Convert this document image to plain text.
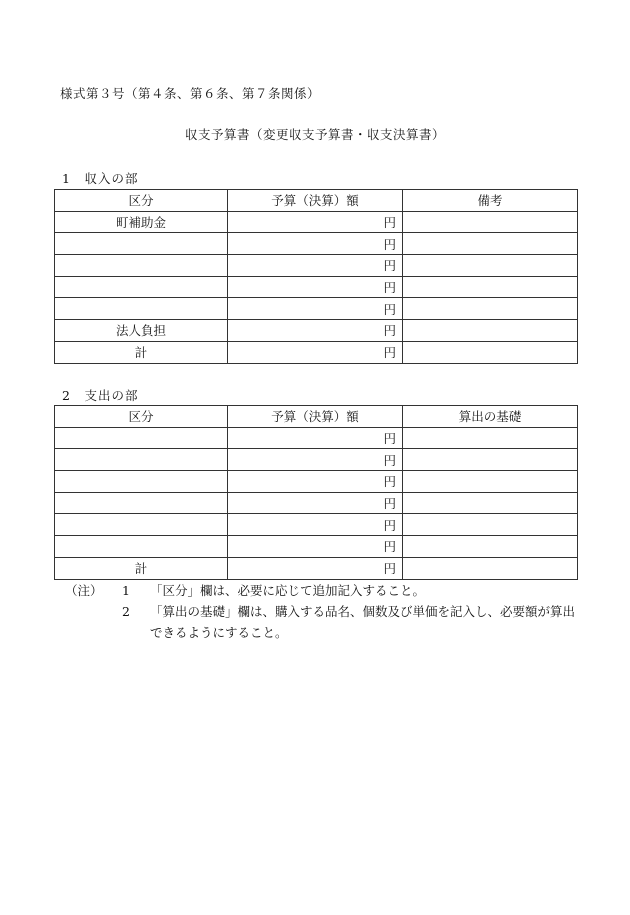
様式第３号（第４条、第６条、第７条関係）
収支予算書（変更収支予算書・収支決算書）
1　収入の部
区分	予算（決算）額	備考
町補助金	円	
	円	
	円	
	円	
	円	
法人負担	円	
計	円	
2　支出の部
区分	予算（決算）額	算出の基礎
	円	
	円	
	円	
	円	
	円	
	円	
計	円	
（注）	1	「区分」欄は、必要に応じて追加記入すること。
2	「算出の基礎」欄は、購入する品名、個数及び単価を記入し、必要額が算出できるようにすること。
